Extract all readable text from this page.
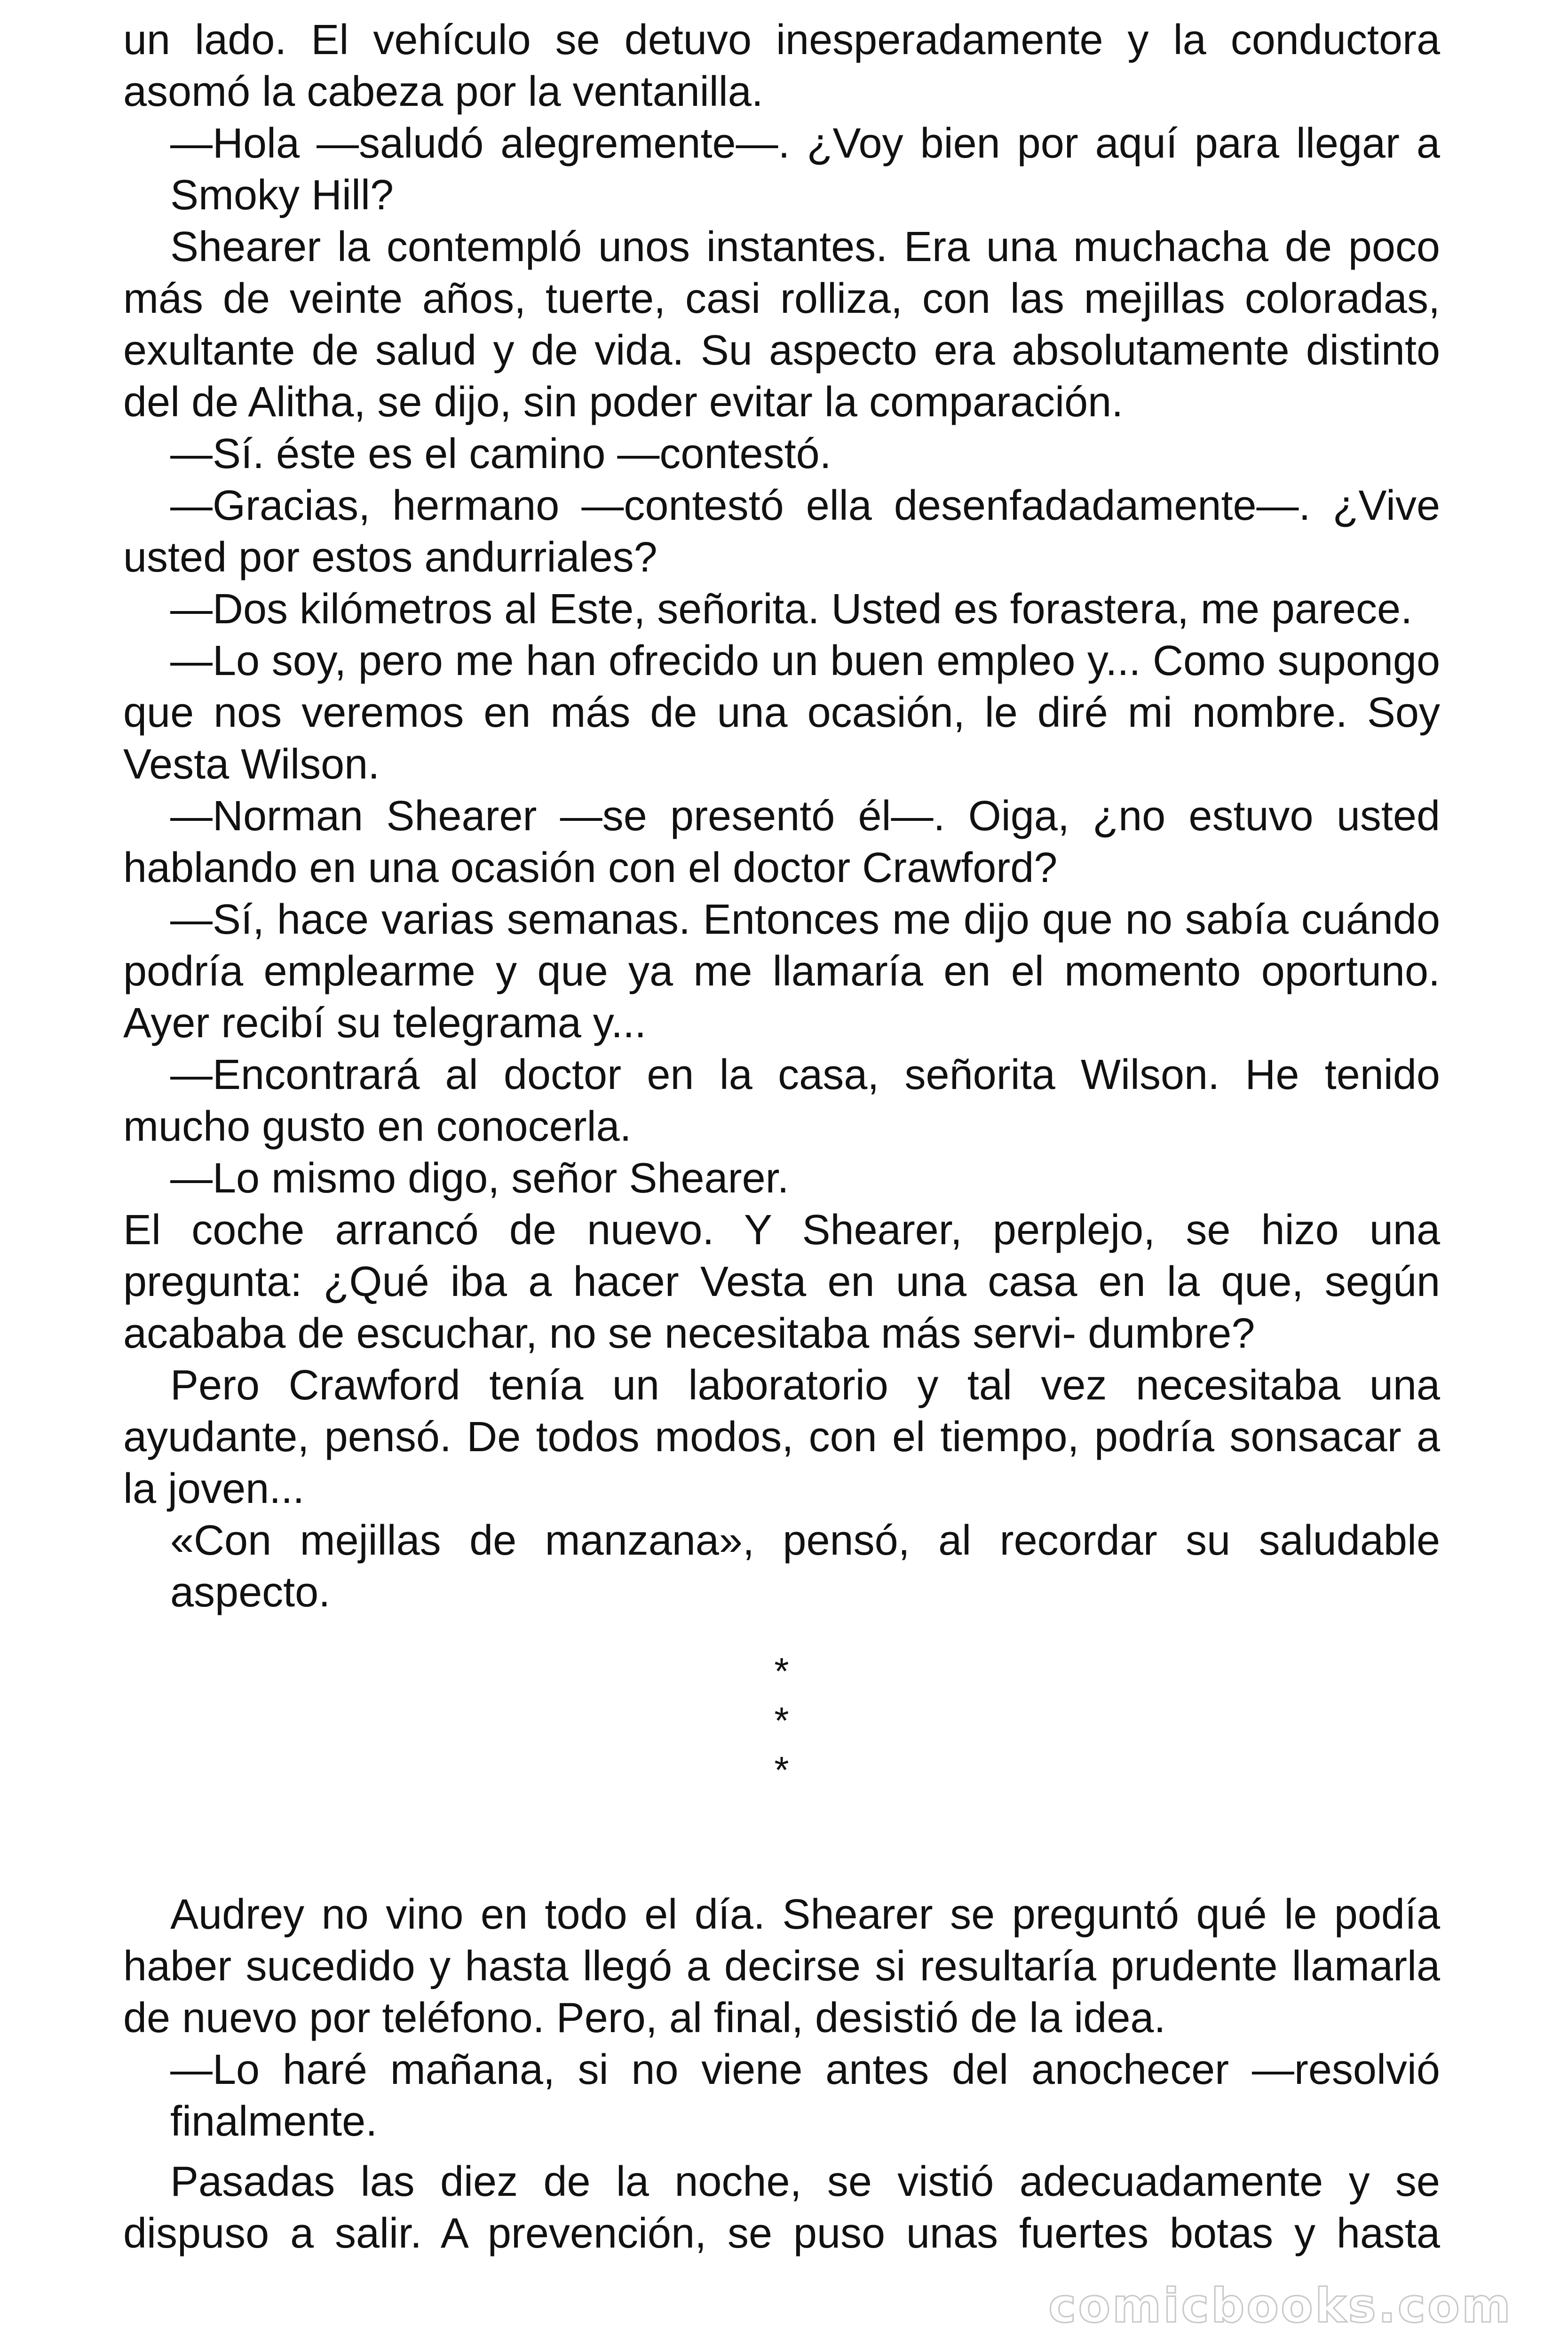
un lado. El vehículo se detuvo inesperadamente y la conductora asomó la cabeza por la ventanilla.

—Hola —saludó alegremente—. ¿Voy bien por aquí para llegar a Smoky Hill?

Shearer la contempló unos instantes. Era una muchacha de poco más de veinte años, tuerte, casi rolliza, con las mejillas coloradas, exultante de salud y de vida. Su aspecto era absolutamente distinto del de Alitha, se dijo, sin poder evitar la comparación.

—Sí. éste es el camino —contestó.

—Gracias, hermano —contestó ella desenfadadamente—. ¿Vive usted por estos andurriales?

—Dos kilómetros al Este, señorita. Usted es forastera, me parece.

—Lo soy, pero me han ofrecido un buen empleo y... Como supongo que nos veremos en más de una ocasión, le diré mi nombre. Soy Vesta Wilson.

—Norman Shearer —se presentó él—. Oiga, ¿no estuvo usted hablando en una ocasión con el doctor Crawford?

—Sí, hace varias semanas. Entonces me dijo que no sabía cuándo podría emplearme y que ya me llamaría en el momento oportuno. Ayer recibí su telegrama y...

—Encontrará al doctor en la casa, señorita Wilson. He tenido mucho gusto en conocerla.

—Lo mismo digo, señor Shearer.

El coche arrancó de nuevo. Y Shearer, perplejo, se hizo una pregunta: ¿Qué iba a hacer Vesta en una casa en la que, según acababa de escuchar, no se necesitaba más servi- dumbre?

Pero Crawford tenía un laboratorio y tal vez necesitaba una ayudante, pensó. De todos modos, con el tiempo, podría sonsacar a la joven...

«Con mejillas de manzana», pensó, al recordar su saludable aspecto.

*
*
*

Audrey no vino en todo el día. Shearer se preguntó qué le podía haber sucedido y hasta llegó a decirse si resultaría prudente llamarla de nuevo por teléfono. Pero, al final, desistió de la idea.

—Lo haré mañana, si no viene antes del anochecer —resolvió finalmente.

Pasadas las diez de la noche, se vistió adecuadamente y se dispuso a salir. A prevención, se puso unas fuertes botas y hasta

comicbooks.com
